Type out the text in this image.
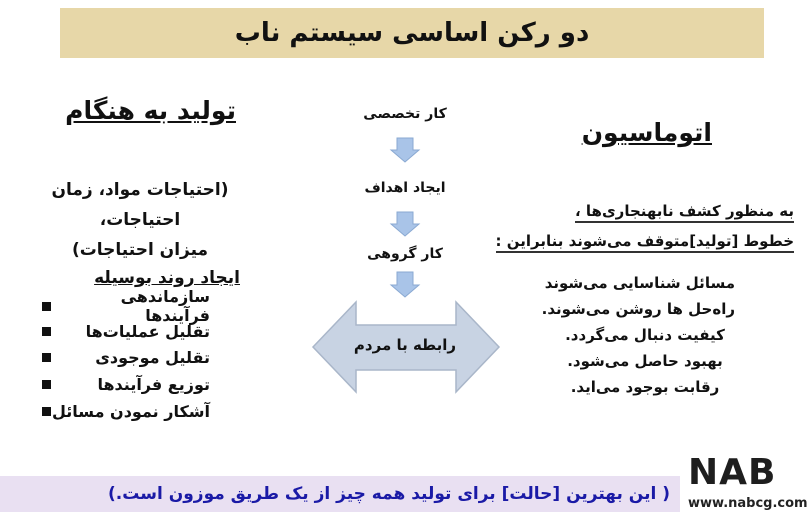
دو رکن اساسی سیستم ناب
تولید به هنگام
(احتیاجات مواد، زمان احتیاجات،
میزان احتیاجات)
ایجاد روند بوسیله
سازماندهی فرآیندها
تقلیل عملیات‌ها
تقلیل موجودی
توزیع فرآیندها
آشکار نمودن مسائل
کار تخصصی
ایجاد اهداف
کار گروهی
رابطه با مردم
اتوماسیون
به منظور کشف نابهنجاری‌ها ،
خطوط [تولید]متوقف می‌شوند بنابراین :
مسائل شناسایی می‌شوند
راه‌حل ها روشن می‌شوند.
کیفیت دنبال می‌گردد.
بهبود حاصل می‌شود.
رقابت بوجود می‌اید.
( این بهترین [حالت] برای تولید همه چیز از یک طریق موزون است.)
NAB
www.nabcg.com
